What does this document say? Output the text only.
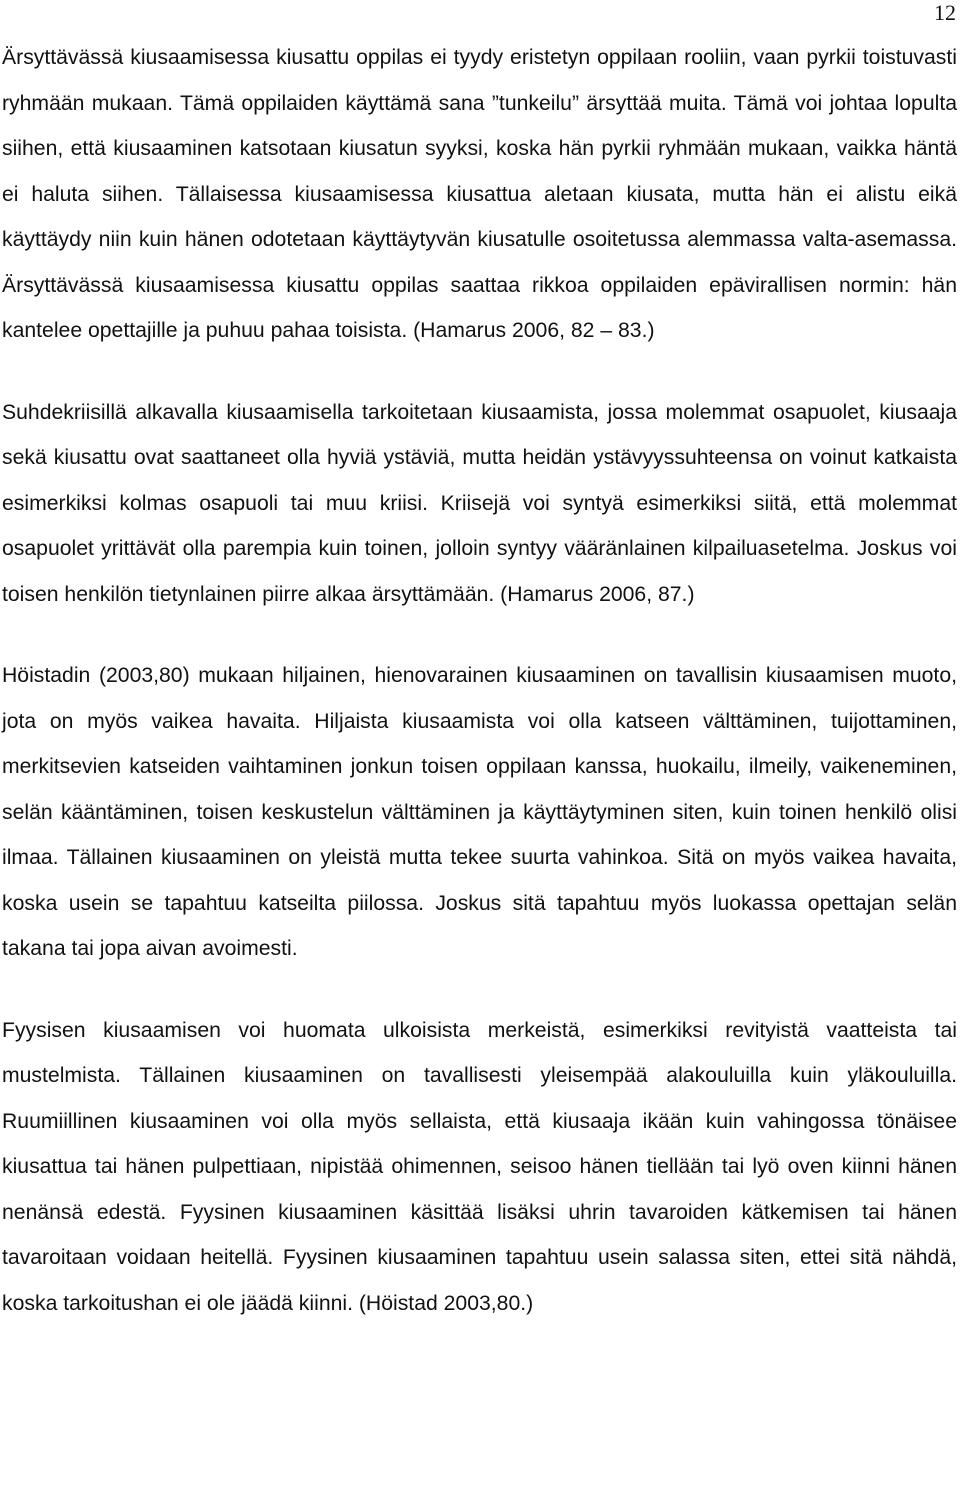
12

Ärsyttävässä kiusaamisessa kiusattu oppilas ei tyydy eristetyn oppilaan rooliin, vaan pyrkii toistuvasti ryhmään mukaan. Tämä oppilaiden käyttämä sana ”tunkeilu” ärsyttää muita. Tämä voi johtaa lopulta siihen, että kiusaaminen katsotaan kiusatun syyksi, koska hän pyrkii ryhmään mukaan, vaikka häntä ei haluta siihen. Tällaisessa kiusaamisessa kiusattua aletaan kiusata, mutta hän ei alistu eikä käyttäydy niin kuin hänen odotetaan käyttäytyvän kiusatulle osoitetussa alemmassa valta-asemassa. Ärsyttävässä kiusaamisessa kiusattu oppilas saattaa rikkoa oppilaiden epävirallisen normin: hän kantelee opettajille ja puhuu pahaa toisista. (Hamarus 2006, 82 – 83.)

Suhdekriisillä alkavalla kiusaamisella tarkoitetaan kiusaamista, jossa molemmat osapuolet, kiusaaja sekä kiusattu ovat saattaneet olla hyviä ystäviä, mutta heidän ystävyyssuhteensa on voinut katkaista esimerkiksi kolmas osapuoli tai muu kriisi. Kriisejä voi syntyä esimerkiksi siitä, että molemmat osapuolet yrittävät olla parempia kuin toinen, jolloin syntyy vääränlainen kilpailuasetelma. Joskus voi toisen henkilön tietynlainen piirre alkaa ärsyttämään. (Hamarus 2006, 87.)

Höistadin (2003,80) mukaan hiljainen, hienovarainen kiusaaminen on tavallisin kiusaamisen muoto, jota on myös vaikea havaita. Hiljaista kiusaamista voi olla katseen välttäminen, tuijottaminen, merkitsevien katseiden vaihtaminen jonkun toisen oppilaan kanssa, huokailu, ilmeily, vaikeneminen, selän kääntäminen, toisen keskustelun välttäminen ja käyttäytyminen siten, kuin toinen henkilö olisi ilmaa. Tällainen kiusaaminen on yleistä mutta tekee suurta vahinkoa. Sitä on myös vaikea havaita, koska usein se tapahtuu katseilta piilossa. Joskus sitä tapahtuu myös luokassa opettajan selän takana tai jopa aivan avoimesti.

Fyysisen kiusaamisen voi huomata ulkoisista merkeistä, esimerkiksi revityistä vaatteista tai mustelmista. Tällainen kiusaaminen on tavallisesti yleisempää alakouluilla kuin yläkouluilla. Ruumiillinen kiusaaminen voi olla myös sellaista, että kiusaaja ikään kuin vahingossa tönäisee kiusattua tai hänen pulpettiaan, nipistää ohimennen, seisoo hänen tiellään tai lyö oven kiinni hänen nenänsä edestä. Fyysinen kiusaaminen käsittää lisäksi uhrin tavaroiden kätkemisen tai hänen tavaroitaan voidaan heitellä. Fyysinen kiusaaminen tapahtuu usein salassa siten, ettei sitä nähdä, koska tarkoitushan ei ole jäädä kiinni. (Höistad 2003,80.)
